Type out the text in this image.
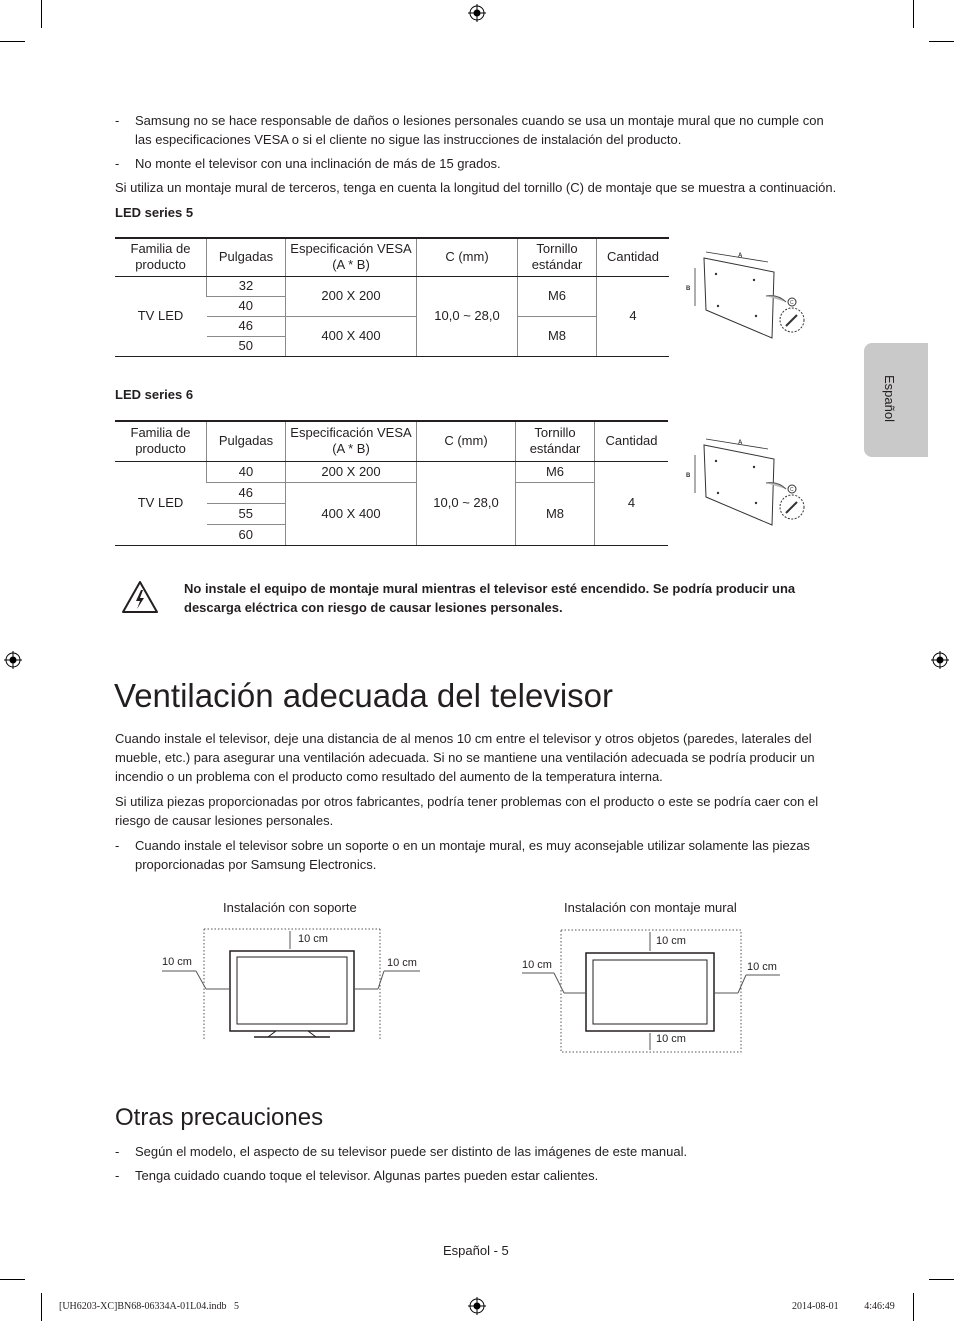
Español
- Samsung no se hace responsable de daños o lesiones personales cuando se usa un montaje mural que no cumple con las especificaciones VESA o si el cliente no sigue las instrucciones de instalación del producto.
- No monte el televisor con una inclinación de más de 15 grados.
Si utiliza un montaje mural de terceros, tenga en cuenta la longitud del tornillo (C) de montaje que se muestra a continuación.
LED series 5
Familia de producto	Pulgadas	Especificación VESA (A * B)	C (mm)	Tornillo estándar	Cantidad
TV LED	32	200 X 200	10,0 ~ 28,0	M6	4
	40				
	46	400 X 400		M8	
	50				
A
B
C
LED series 6
Familia de producto	Pulgadas	Especificación VESA (A * B)	C (mm)	Tornillo estándar	Cantidad
TV LED	40	200 X 200	10,0 ~ 28,0	M6	4
	46	400 X 400		M8	
	55				
	60				
A
B
C
No instale el equipo de montaje mural mientras el televisor esté encendido. Se podría producir una descarga eléctrica con riesgo de causar lesiones personales.
Ventilación adecuada del televisor
Cuando instale el televisor, deje una distancia de al menos 10 cm entre el televisor y otros objetos (paredes, laterales del mueble, etc.) para asegurar una ventilación adecuada. Si no se mantiene una ventilación adecuada se podría producir un incendio o un problema con el producto como resultado del aumento de la temperatura interna.
Si utiliza piezas proporcionadas por otros fabricantes, podría tener problemas con el producto o este se podría caer con el riesgo de causar lesiones personales.
- Cuando instale el televisor sobre un soporte o en un montaje mural, es muy aconsejable utilizar solamente las piezas proporcionadas por Samsung Electronics.
Instalación con soporte	Instalación con montaje mural
10 cm
10 cm	10 cm
10 cm
10 cm	10 cm
10 cm
Otras precauciones
- Según el modelo, el aspecto de su televisor puede ser distinto de las imágenes de este manual.
- Tenga cuidado cuando toque el televisor. Algunas partes pueden estar calientes.
Español - 5
[UH6203-XC]BN68-06334A-01L04.indb   5	2014-08-01   ￿￿ 4:46:49
